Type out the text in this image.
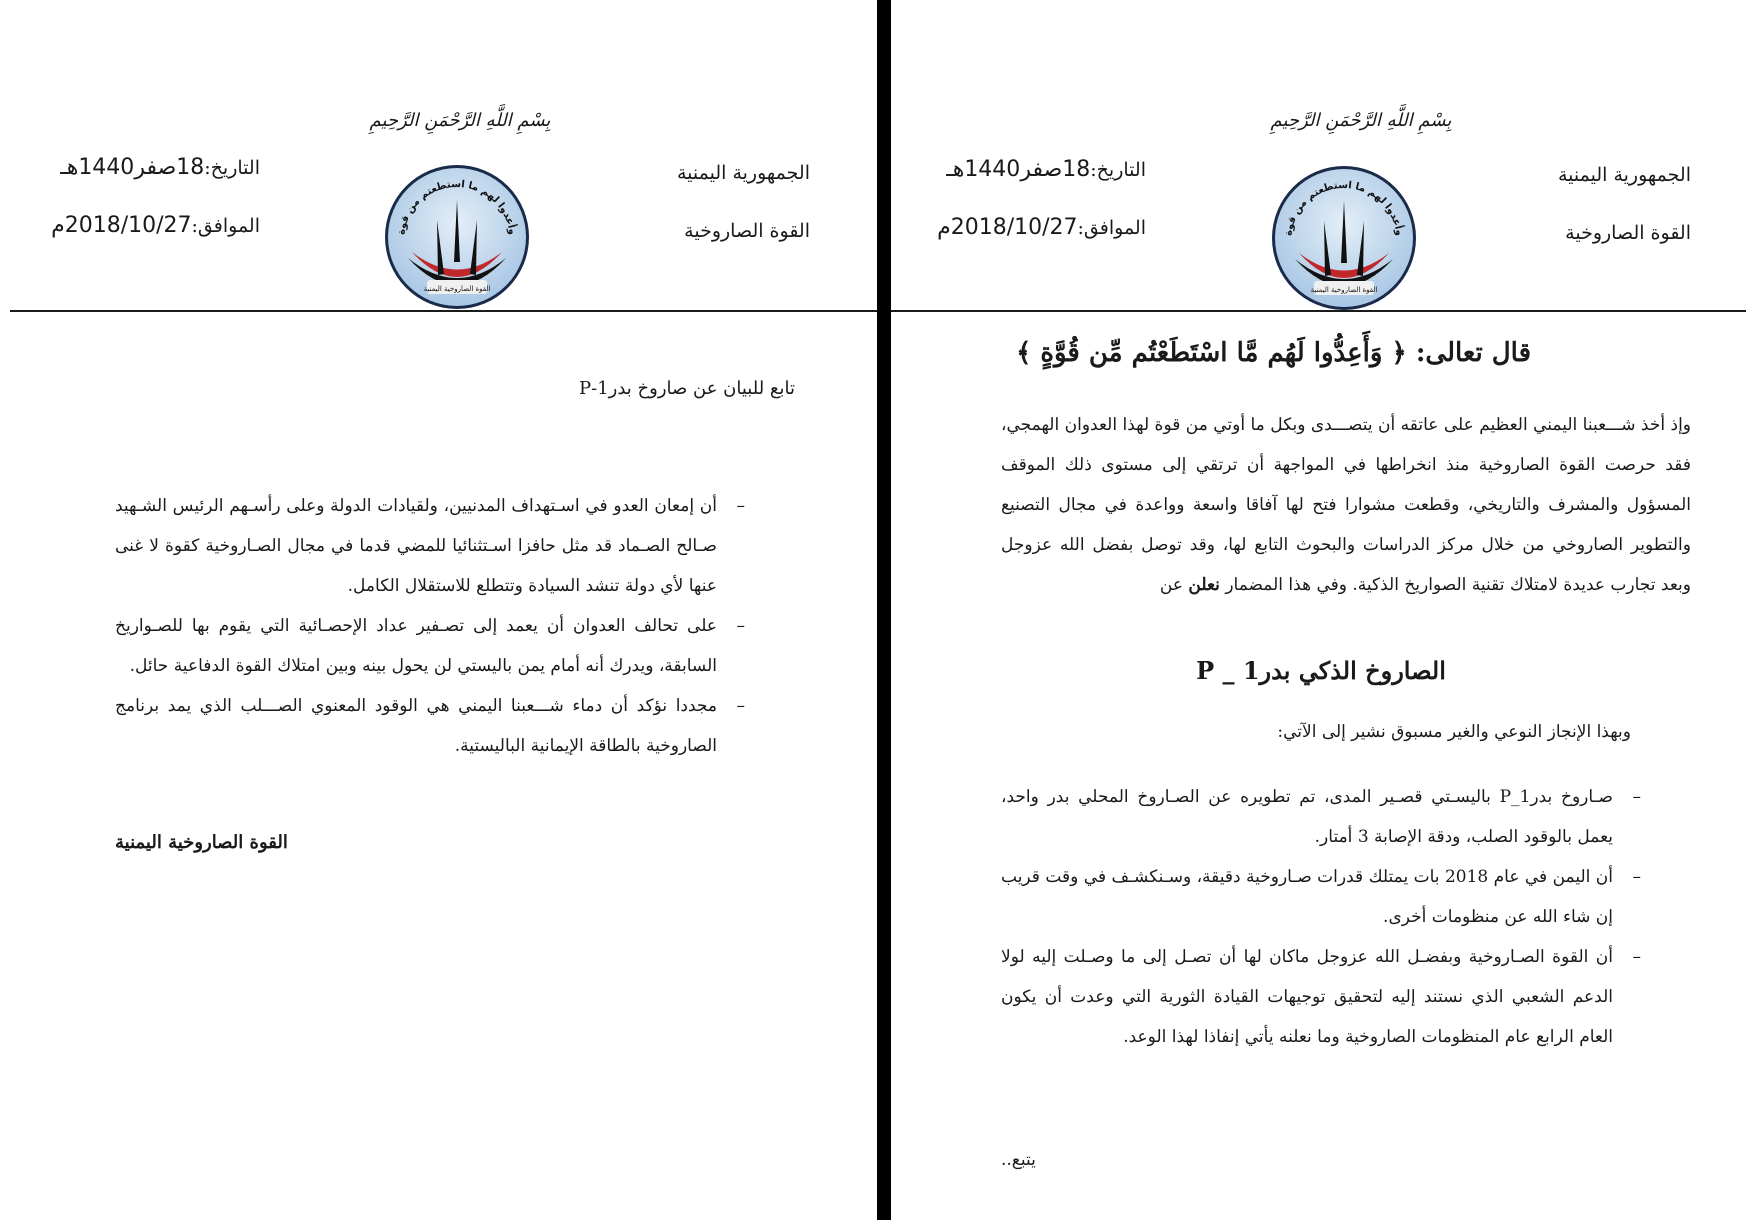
بِسْمِ اللَّهِ الرَّحْمَنِ الرَّحِيمِ
الجمهورية اليمنية
القوة الصاروخية
التاريخ:18صفر1440هـ
الموافق:2018/10/27م	وأعدوا لهم ما استطعتم من قوة
القوة الصاروخية اليمنية
تابع للبيان عن صاروخ بدر1-P
–
أن إمعان العدو في اسـتهداف المدنيين، ولقيادات الدولة وعلى رأسـهم الرئيس الشـهيد صـالح الصـماد قد مثل حافزا اسـتثنائيا للمضي قدما في مجال الصـاروخية كقوة لا غنى عنها لأي دولة تنشد السيادة وتتطلع للاستقلال الكامل.
–
على تحالف العدوان أن يعمد إلى تصـفير عداد الإحصـائية التي يقوم بها للصـواريخ السابقة، ويدرك أنه أمام يمن باليستي لن يحول بينه وبين امتلاك القوة الدفاعية حائل.
–
مجددا نؤكد أن دماء شـــعبنا اليمني هي الوقود المعنوي الصـــلب الذي يمد برنامج الصاروخية بالطاقة الإيمانية الباليستية.
القوة الصاروخية اليمنية
بِسْمِ اللَّهِ الرَّحْمَنِ الرَّحِيمِ
الجمهورية اليمنية
القوة الصاروخية
التاريخ:18صفر1440هـ
الموافق:2018/10/27م	وأعدوا لهم ما استطعتم من قوة
القوة الصاروخية اليمنية
قال تعالى: ﴿ وَأَعِدُّوا لَهُم مَّا اسْتَطَعْتُم مِّن قُوَّةٍ ﴾
وإذ أخذ شـــعبنا اليمني العظيم على عاتقه أن يتصـــدى وبكل ما أوتي من قوة لهذا العدوان الهمجي، فقد حرصت القوة الصاروخية منذ انخراطها في المواجهة أن ترتقي إلى مستوى ذلك الموقف المسؤول والمشرف والتاريخي، وقطعت مشوارا فتح لها آفاقا واسعة وواعدة في مجال التصنيع والتطوير الصاروخي من خلال مركز الدراسات والبحوث التابع لها، وقد توصل بفضل الله عزوجل وبعد تجارب عديدة لامتلاك تقنية الصواريخ الذكية. وفي هذا المضمار نعلن عن
الصاروخ الذكي بدر1 _ P
وبهذا الإنجاز النوعي والغير مسبوق نشير إلى الآتي:
–
صـاروخ بدر1_P باليسـتي قصـير المدى، تم تطويره عن الصـاروخ المحلي بدر واحد، يعمل بالوقود الصلب، ودقة الإصابة 3 أمتار.
–
أن اليمن في عام 2018 بات يمتلك قدرات صـاروخية دقيقة، وسـنكشـف في وقت قريب إن شاء الله عن منظومات أخرى.
–
أن القوة الصـاروخية وبفضـل الله عزوجل ماكان لها أن تصـل إلى ما وصـلت إليه لولا الدعم الشعبي الذي نستند إليه لتحقيق توجيهات القيادة الثورية التي وعدت أن يكون العام الرابع عام المنظومات الصاروخية وما نعلنه يأتي إنفاذا لهذا الوعد.
يتبع..
